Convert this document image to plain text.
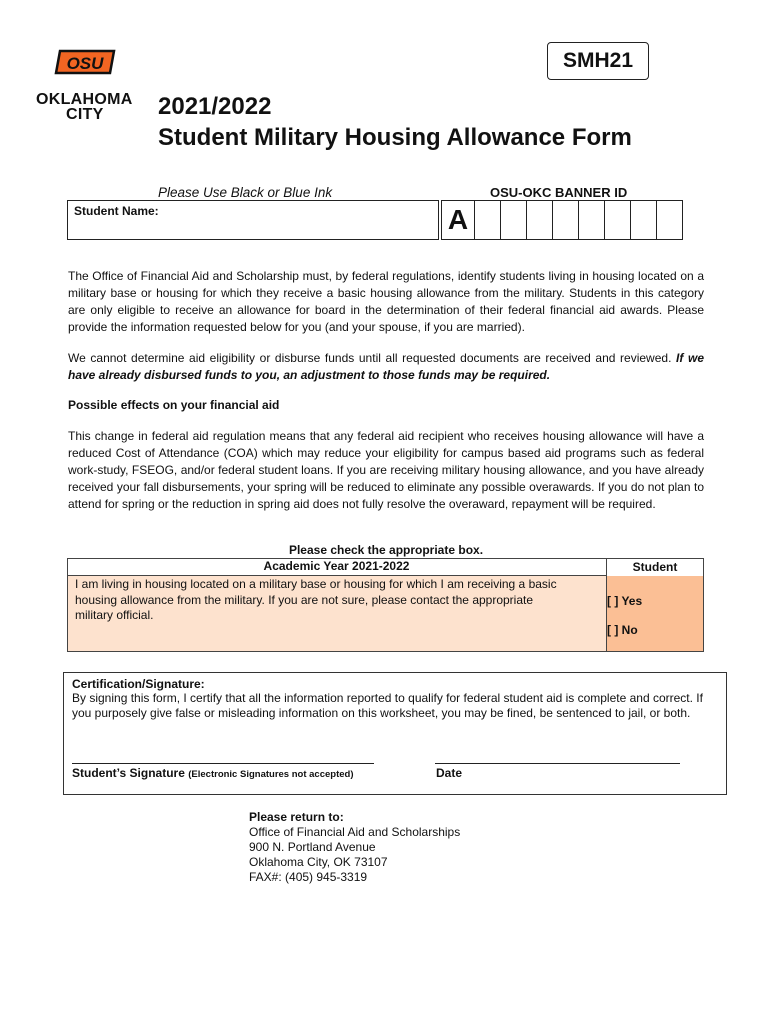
OSU
OKLAHOMA
CITY
SMH21
2021/2022
Student Military Housing Allowance Form
Please Use Black or Blue Ink	OSU-OKC BANNER ID
Student Name:	A
The Office of Financial Aid and Scholarship must, by federal regulations, identify students living in housing located on a military base or housing for which they receive a basic housing allowance from the military. Students in this category are only eligible to receive an allowance for board in the determination of their federal financial aid awards. Please provide the information requested below for you (and your spouse, if you are married).
We cannot determine aid eligibility or disburse funds until all requested documents are received and reviewed. If we have already disbursed funds to you, an adjustment to those funds may be required.
Possible effects on your financial aid
This change in federal aid regulation means that any federal aid recipient who receives housing allowance will have a reduced Cost of Attendance (COA) which may reduce your eligibility for campus based aid programs such as federal work-study, FSEOG, and/or federal student loans. If you are receiving military housing allowance, and you have already received your fall disbursements, your spring will be reduced to eliminate any possible overawards. If you do not plan to attend for spring or the reduction in spring aid does not fully resolve the overaward, repayment will be required.
Please check the appropriate box.
Academic Year 2021-2022	Student
I am living in housing located on a military base or housing for which I am receiving a basic housing allowance from the military. If you are not sure, please contact the appropriate military official.
[ ] Yes
[ ] No
Certification/Signature:
By signing this form, I certify that all the information reported to qualify for federal student aid is complete and correct. If you purposely give false or misleading information on this worksheet, you may be fined, be sentenced to jail, or both.
Student’s Signature (Electronic Signatures not accepted)	Date
Please return to:
Office of Financial Aid and Scholarships
900 N. Portland Avenue
Oklahoma City, OK 73107
FAX#: (405) 945-3319
